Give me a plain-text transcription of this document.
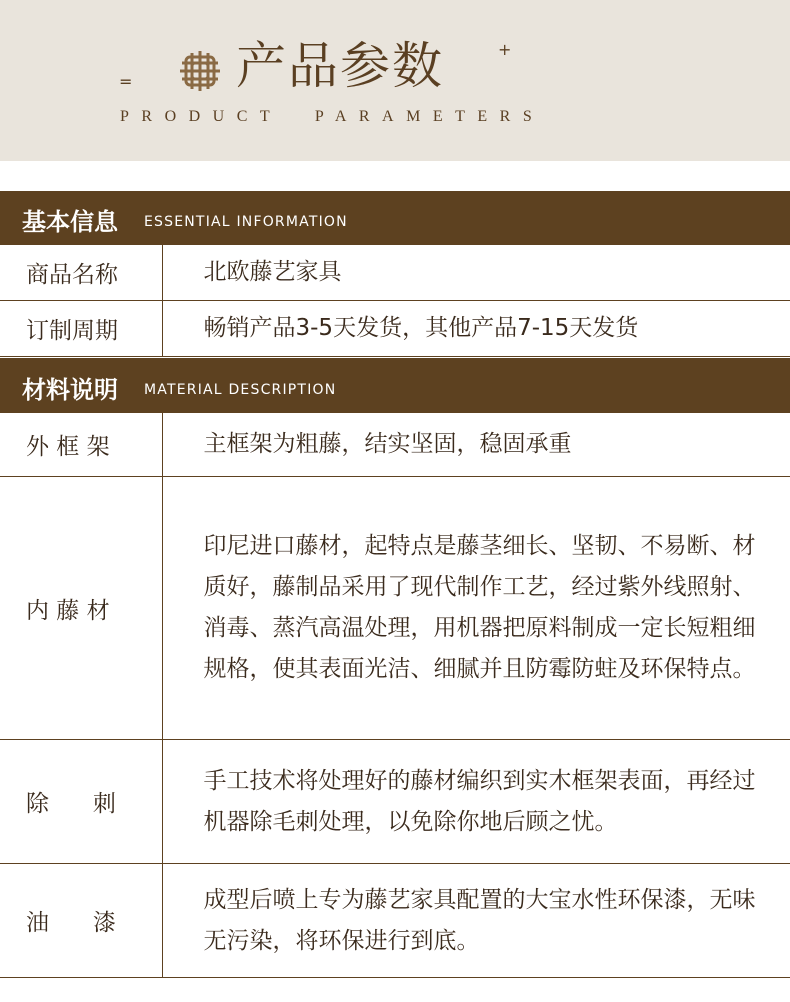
= 产品参数	+
PRODUCT  PARAMETERS
基本信息 ESSENTIAL INFORMATION
商品名称	北欧藤艺家具
订制周期	畅销产品3-5天发货，其他产品7-15天发货
材料说明 MATERIAL DESCRIPTION
外 框 架	主框架为粗藤，结实坚固，稳固承重
内 藤 材	印尼进口藤材，起特点是藤茎细长、坚韧、不易断、材质好，藤制品采用了现代制作工艺，经过紫外线照射、消毒、蒸汽高温处理，用机器把原料制成一定长短粗细规格，使其表面光洁、细腻并且防霉防蛀及环保特点。
除      刺	手工技术将处理好的藤材编织到实木框架表面，再经过机器除毛刺处理，以免除你地后顾之忧。
油      漆	成型后喷上专为藤艺家具配置的大宝水性环保漆，无味无污染，将环保进行到底。
